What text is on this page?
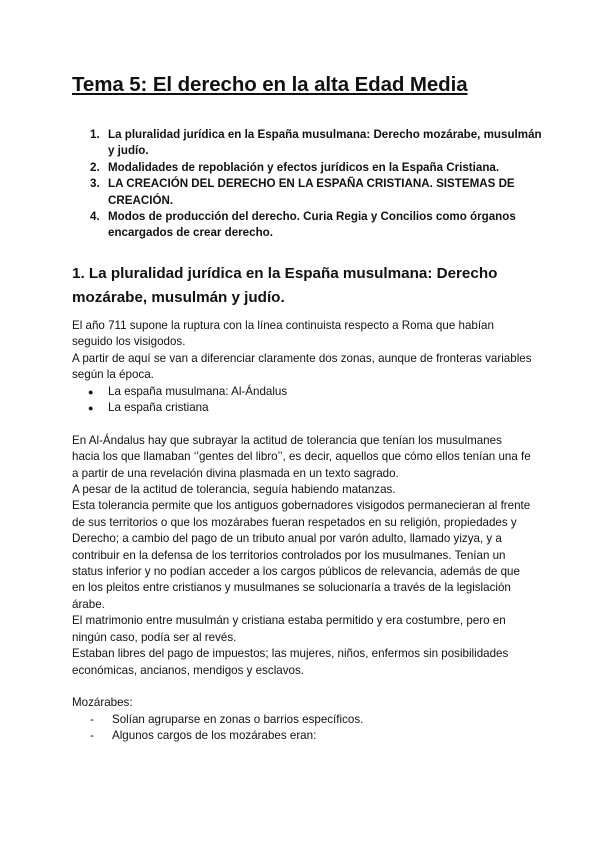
Tema 5: El derecho en la alta Edad Media
1. La pluralidad jurídica en la España musulmana: Derecho mozárabe, musulmán y judío.
2. Modalidades de repoblación y efectos jurídicos en la España Cristiana.
3. LA CREACIÓN DEL DERECHO EN LA ESPAÑA CRISTIANA. SISTEMAS DE CREACIÓN.
4. Modos de producción del derecho. Curia Regia y Concilios como órganos encargados de crear derecho.
1. La pluralidad jurídica en la España musulmana: Derecho mozárabe, musulmán y judío.

El año 711 supone la ruptura con la línea continuista respecto a Roma que habían seguido los visigodos.

A partir de aquí se van a diferenciar claramente dos zonas, aunque de fronteras variables según la época.

● La españa musulmana: Al-Ándalus
● La españa cristiana

En Al-Ándalus hay que subrayar la actitud de tolerancia que tenían los musulmanes hacia los que llamaban ‘’gentes del libro’’, es decir, aquellos que cómo ellos tenían una fe a partir de una revelación divina plasmada en un texto sagrado.

A pesar de la actitud de tolerancia, seguía habiendo matanzas.

Esta tolerancia permite que los antiguos gobernadores visigodos permanecieran al frente de sus territorios o que los mozárabes fueran respetados en su religión, propiedades y Derecho; a cambio del pago de un tributo anual por varón adulto, llamado yizya, y a contribuir en la defensa de los territorios controlados por los musulmanes. Tenían un status inferior y no podían acceder a los cargos públicos de relevancia, además de que en los pleitos entre cristianos y musulmanes se solucionaría a través de la legislación árabe.

El matrimonio entre musulmán y cristiana estaba permitido y era costumbre, pero en ningún caso, podía ser al revés.

Estaban libres del pago de impuestos; las mujeres, niños, enfermos sin posibilidades económicas, ancianos, mendigos y esclavos.

Mozárabes:

- Solían agruparse en zonas o barrios específicos.
- Algunos cargos de los mozárabes eran:
